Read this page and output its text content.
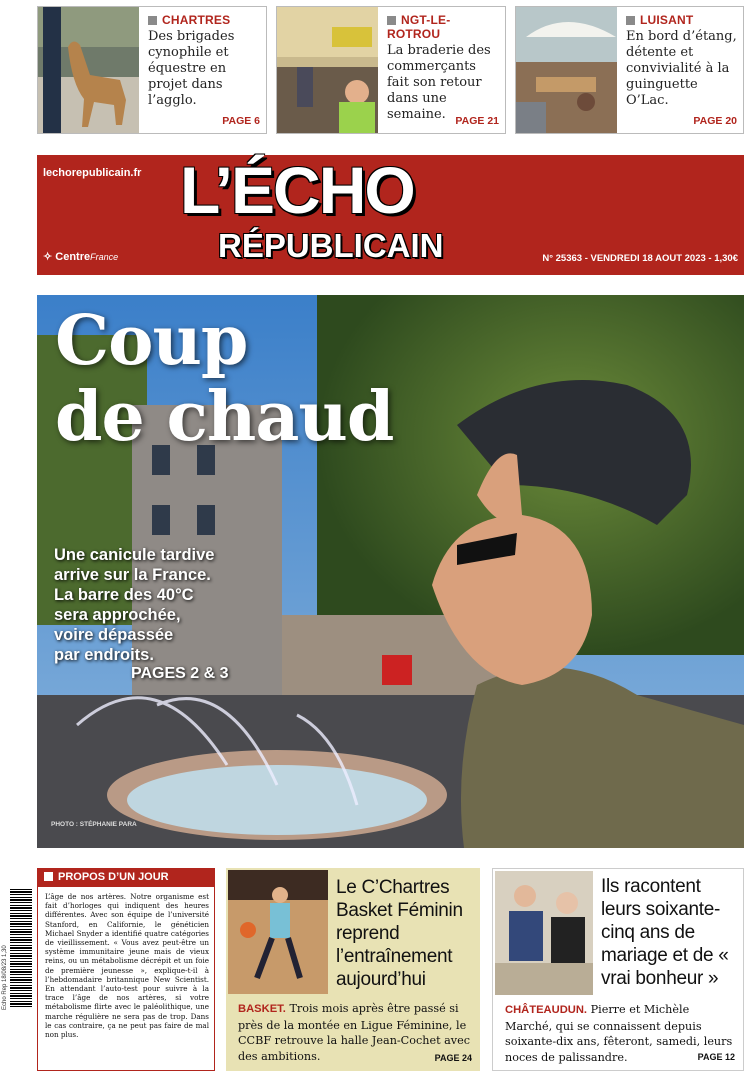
CHARTRES
Des brigades cynophile et équestre en projet dans l’agglo.
PAGE 6
NGT-LE-ROTROU
La braderie des commerçants fait son retour dans une semaine. PAGE 21
LUISANT
En bord d’étang, détente et convivialité à la guinguette O’Lac.
PAGE 20
lechorepublicain.fr L’ÉCHO
RÉPUBLICAIN
✧ CentreFrance	N° 25363 - VENDREDI 18 AOUT 2023 - 1,30€
Coup
de chaud
Une canicule tardive
arrive sur la France.
La barre des 40°C
sera approchée,
voire dépassée
par endroits.
PAGES 2 & 3
PHOTO : STÉPHANIE PARA
Echo Rep 18/08/23 1,30
PROPOS D’UN JOUR
L’âge de nos artères. Notre organisme est fait d’horloges qui indiquent des heures différentes. Avec son équipe de l’université Stanford, en Californie, le généticien Michael Snyder a identifié quatre catégories de vieillissement. « Vous avez peut-être un système immunitaire jeune mais de vieux reins, ou un métabolisme décrépit et un foie de première jeunesse », explique-t-il à l’hebdomadaire britannique New Scientist. En attendant l’auto-test pour suivre à la trace l’âge de nos artères, si votre métabolisme flirte avec le paléolithique, une marche régulière ne sera pas de trop. Dans le cas contraire, ça ne peut pas faire de mal non plus.
Le C’Chartres Basket Féminin reprend l’entraînement aujourd’hui
BASKET. Trois mois après être passé si près de la montée en Ligue Féminine, le CCBF retrouve la halle Jean-Cochet avec des ambitions.	PAGE 24
Ils racontent leurs soixante-cinq ans de mariage et de « vrai bonheur »
CHÂTEAUDUN. Pierre et Michèle Marché, qui se connaissent depuis soixante-dix ans, fêteront, samedi, leurs noces de palissandre.	PAGE 12
